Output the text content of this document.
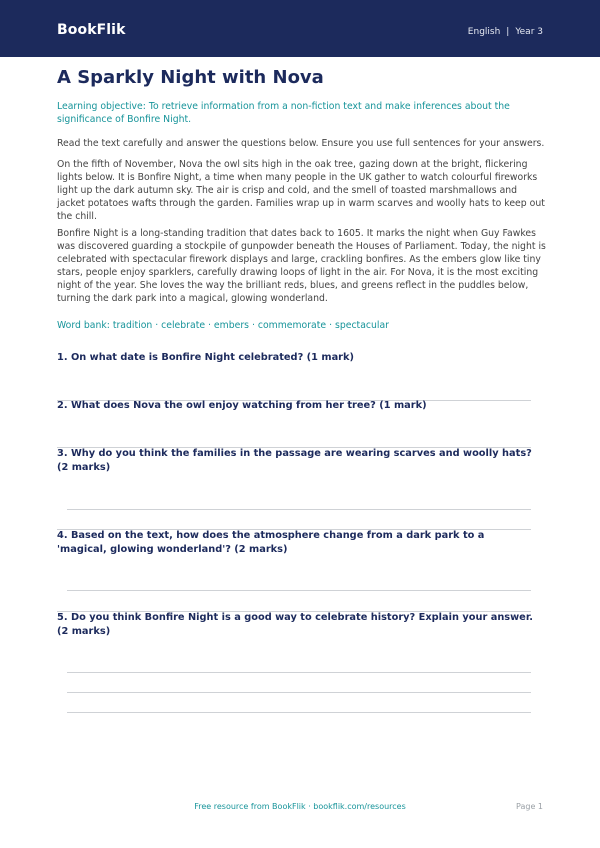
BookFlik	English | Year 3
A Sparkly Night with Nova

Learning objective: To retrieve information from a non-fiction text and make inferences about the significance of Bonfire Night.

Read the text carefully and answer the questions below. Ensure you use full sentences for your answers.

On the fifth of November, Nova the owl sits high in the oak tree, gazing down at the bright, flickering lights below. It is Bonfire Night, a time when many people in the UK gather to watch colourful fireworks light up the dark autumn sky. The air is crisp and cold, and the smell of toasted marshmallows and jacket potatoes wafts through the garden. Families wrap up in warm scarves and woolly hats to keep out the chill.

Bonfire Night is a long-standing tradition that dates back to 1605. It marks the night when Guy Fawkes was discovered guarding a stockpile of gunpowder beneath the Houses of Parliament. Today, the night is celebrated with spectacular firework displays and large, crackling bonfires. As the embers glow like tiny stars, people enjoy sparklers, carefully drawing loops of light in the air. For Nova, it is the most exciting night of the year. She loves the way the brilliant reds, blues, and greens reflect in the puddles below, turning the dark park into a magical, glowing wonderland.

Word bank: tradition · celebrate · embers · commemorate · spectacular

1. On what date is Bonfire Night celebrated? (1 mark)

2. What does Nova the owl enjoy watching from her tree? (1 mark)

3. Why do you think the families in the passage are wearing scarves and woolly hats? (2 marks)

4. Based on the text, how does the atmosphere change from a dark park to a 'magical, glowing wonderland'? (2 marks)

5. Do you think Bonfire Night is a good way to celebrate history? Explain your answer. (2 marks)

Free resource from BookFlik · bookflik.com/resources	Page 1
